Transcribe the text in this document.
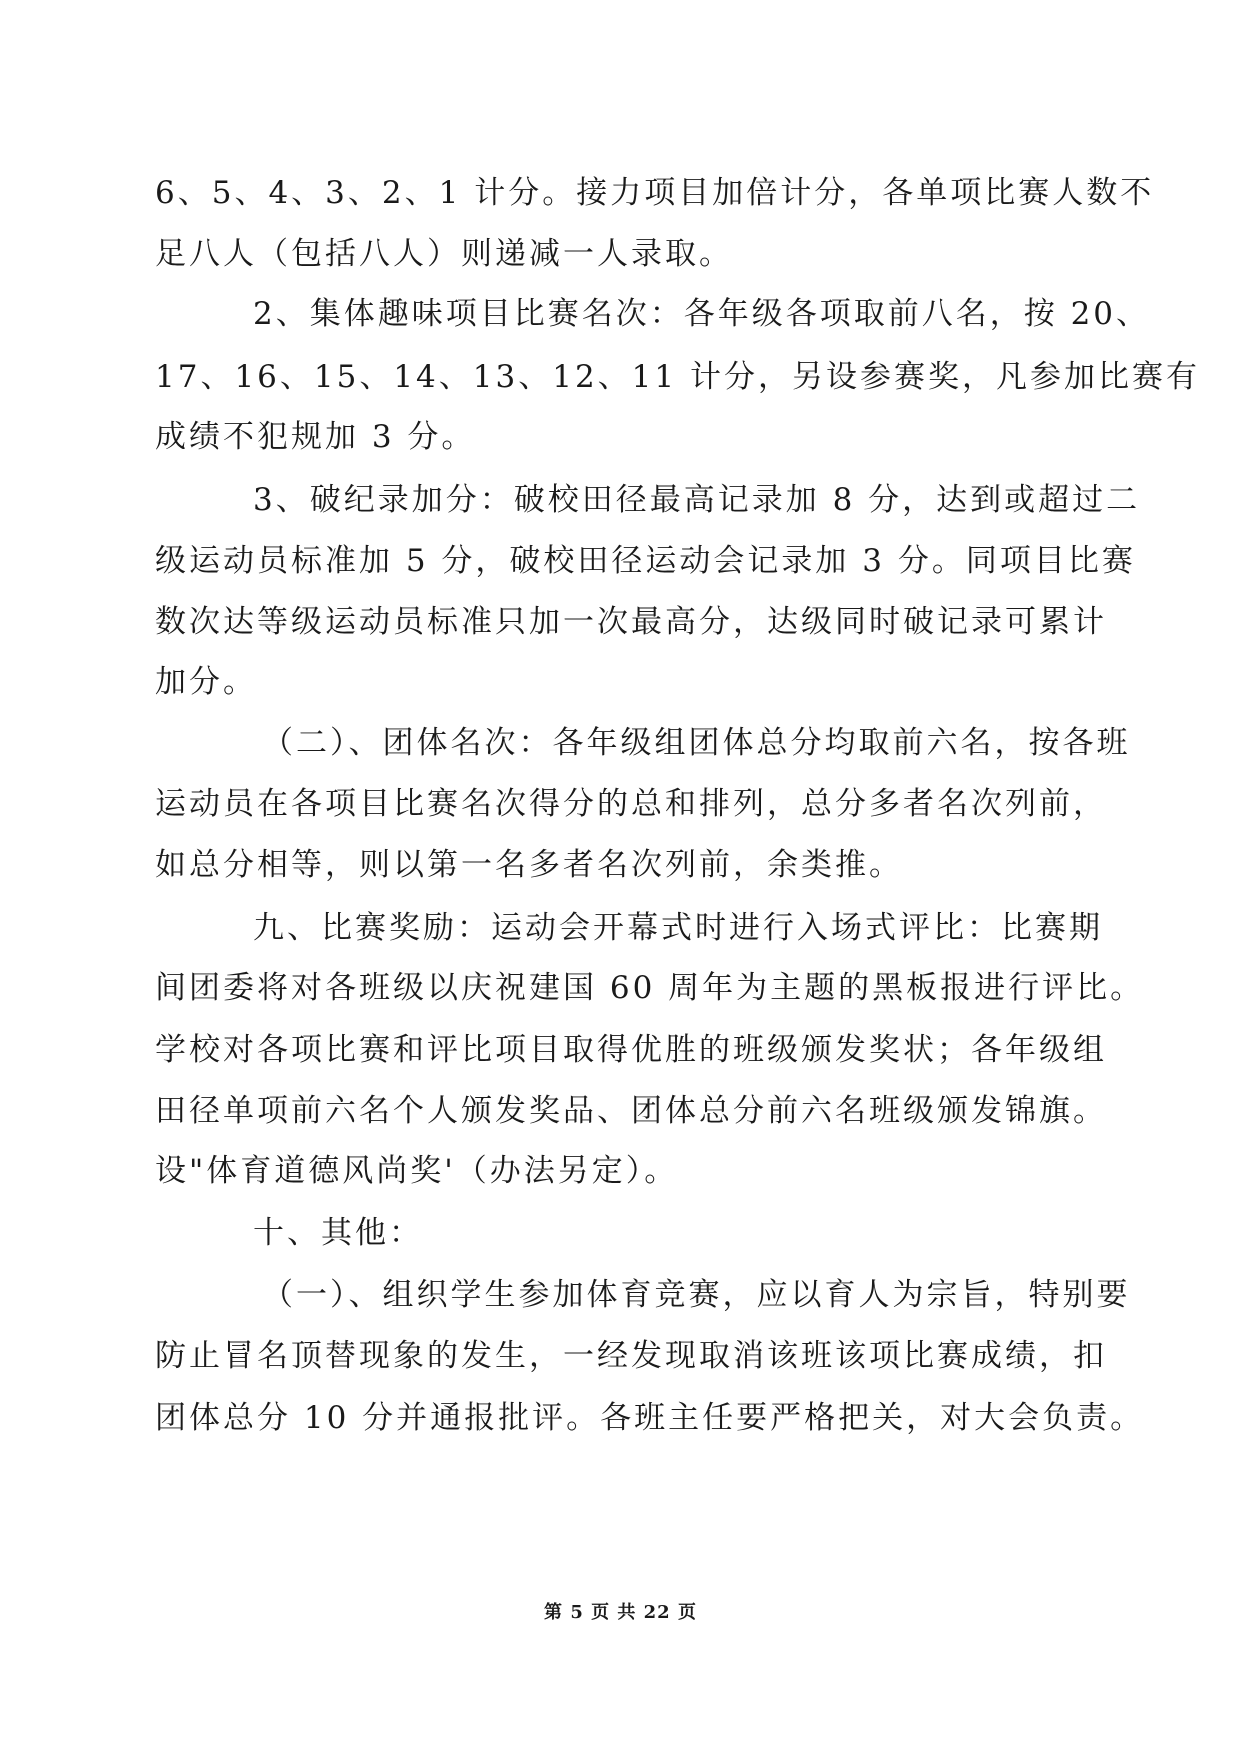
6、5、4、3、2、1 计分。接力项目加倍计分，各单项比赛人数不
足八人（包括八人）则递减一人录取。
2、集体趣味项目比赛名次：各年级各项取前八名，按 20、
17、16、15、14、13、12、11 计分，另设参赛奖，凡参加比赛有
成绩不犯规加 3 分。
3、破纪录加分：破校田径最高记录加 8 分，达到或超过二
级运动员标准加 5 分，破校田径运动会记录加 3 分。同项目比赛
数次达等级运动员标准只加一次最高分，达级同时破记录可累计
加分。
（二）、团体名次：各年级组团体总分均取前六名，按各班
运动员在各项目比赛名次得分的总和排列，总分多者名次列前，
如总分相等，则以第一名多者名次列前，余类推。
九、比赛奖励：运动会开幕式时进行入场式评比：比赛期
间团委将对各班级以庆祝建国 60 周年为主题的黑板报进行评比。
学校对各项比赛和评比项目取得优胜的班级颁发奖状；各年级组
田径单项前六名个人颁发奖品、团体总分前六名班级颁发锦旗。
设"体育道德风尚奖'（办法另定）。
十、其他：
（一）、组织学生参加体育竞赛，应以育人为宗旨，特别要
防止冒名顶替现象的发生，一经发现取消该班该项比赛成绩，扣
团体总分 10 分并通报批评。各班主任要严格把关，对大会负责。
第 5 页 共 22 页
